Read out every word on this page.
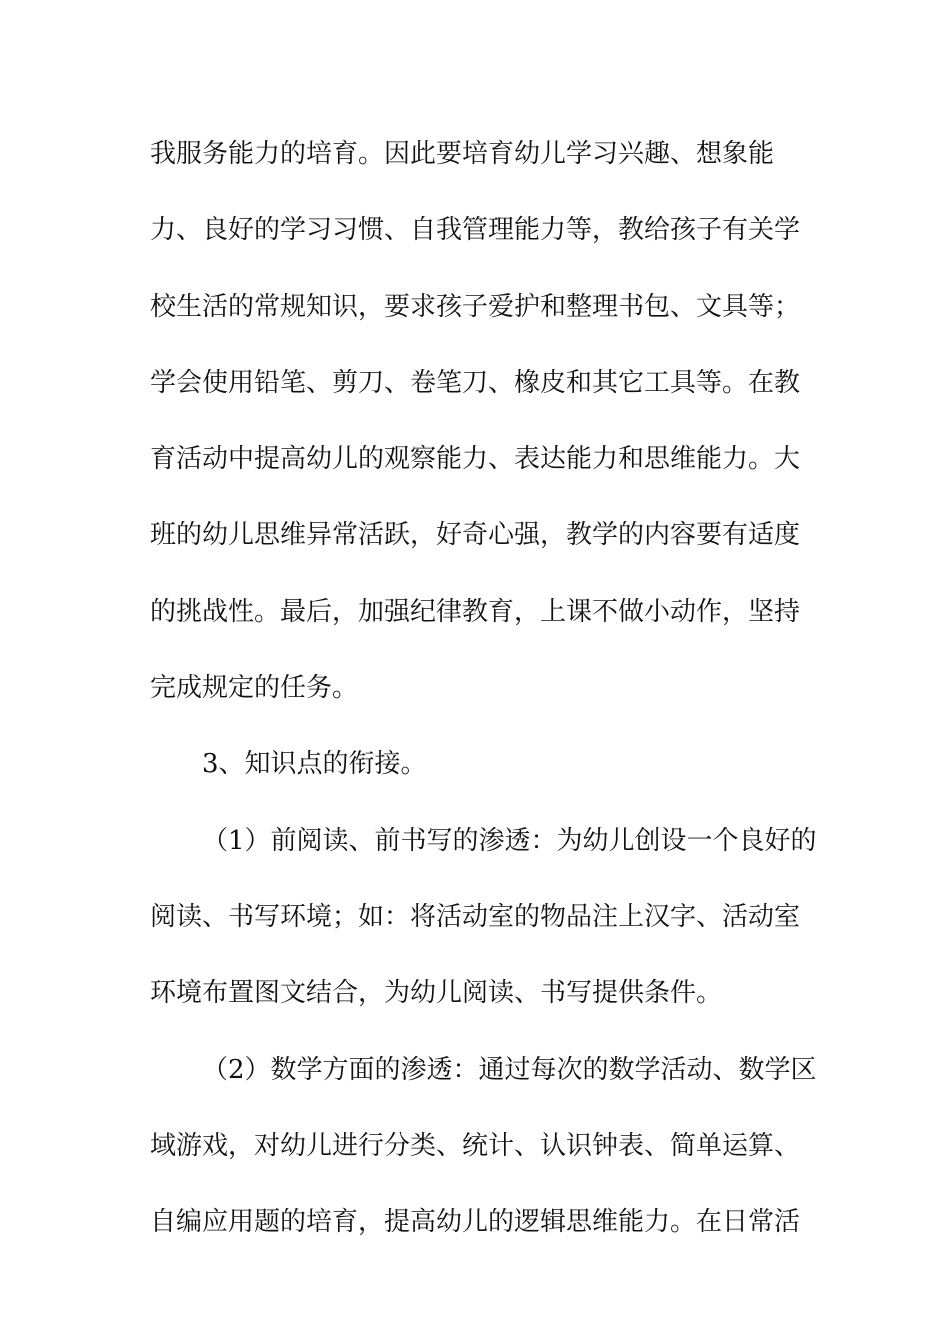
我服务能力的培育。因此要培育幼儿学习兴趣、想象能
力、良好的学习习惯、自我管理能力等，教给孩子有关学
校生活的常规知识，要求孩子爱护和整理书包、文具等；
学会使用铅笔、剪刀、卷笔刀、橡皮和其它工具等。在教
育活动中提高幼儿的观察能力、表达能力和思维能力。大
班的幼儿思维异常活跃，好奇心强，教学的内容要有适度
的挑战性。最后，加强纪律教育，上课不做小动作，坚持
完成规定的任务。
3、知识点的衔接。
（1）前阅读、前书写的渗透：为幼儿创设一个良好的
阅读、书写环境；如：将活动室的物品注上汉字、活动室
环境布置图文结合，为幼儿阅读、书写提供条件。
（2）数学方面的渗透：通过每次的数学活动、数学区
域游戏，对幼儿进行分类、统计、认识钟表、简单运算、
自编应用题的培育，提高幼儿的逻辑思维能力。在日常活
